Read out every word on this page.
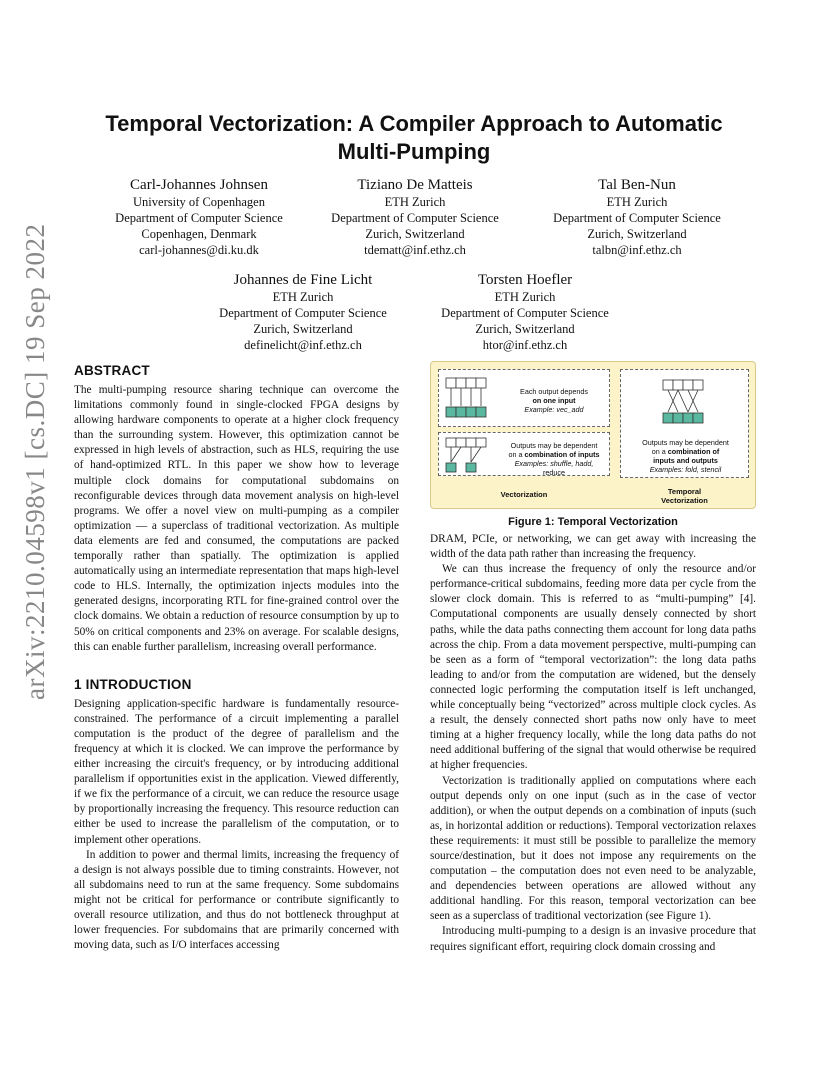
arXiv:2210.04598v1 [cs.DC] 19 Sep 2022
Temporal Vectorization: A Compiler Approach to Automatic
Multi-Pumping
Carl-Johannes Johnsen
University of Copenhagen
Department of Computer Science
Copenhagen, Denmark
carl-johannes@di.ku.dk
Tiziano De Matteis
ETH Zurich
Department of Computer Science
Zurich, Switzerland
tdematt@inf.ethz.ch
Tal Ben-Nun
ETH Zurich
Department of Computer Science
Zurich, Switzerland
talbn@inf.ethz.ch
Johannes de Fine Licht
ETH Zurich
Department of Computer Science
Zurich, Switzerland
definelicht@inf.ethz.ch
Torsten Hoefler
ETH Zurich
Department of Computer Science
Zurich, Switzerland
htor@inf.ethz.ch
ABSTRACT

The multi-pumping resource sharing technique can overcome the limitations commonly found in single-clocked FPGA designs by allowing hardware components to operate at a higher clock frequency than the surrounding system. However, this optimization cannot be expressed in high levels of abstraction, such as HLS, requiring the use of hand-optimized RTL. In this paper we show how to leverage multiple clock domains for computational subdomains on reconfigurable devices through data movement analysis on high-level programs. We offer a novel view on multi-pumping as a compiler optimization — a superclass of traditional vectorization. As multiple data elements are fed and consumed, the computations are packed temporally rather than spatially. The optimization is applied automatically using an intermediate representation that maps high-level code to HLS. Internally, the optimization injects modules into the generated designs, incorporating RTL for fine-grained control over the clock domains. We obtain a reduction of resource consumption by up to 50% on critical components and 23% on average. For scalable designs, this can enable further parallelism, increasing overall performance.

1 INTRODUCTION

Designing application-specific hardware is fundamentally resource-constrained. The performance of a circuit implementing a parallel computation is the product of the degree of parallelism and the frequency at which it is clocked. We can improve the performance by either increasing the circuit's frequency, or by introducing additional parallelism if opportunities exist in the application. Viewed differently, if we fix the performance of a circuit, we can reduce the resource usage by proportionally increasing the frequency. This resource reduction can either be used to increase the parallelism of the computation, or to implement other operations.

In addition to power and thermal limits, increasing the frequency of a design is not always possible due to timing constraints. However, not all subdomains need to run at the same frequency. Some subdomains might not be critical for performance or contribute significantly to overall resource utilization, and thus do not bottleneck throughput at lower frequencies. For subdomains that are primarily concerned with moving data, such as I/O interfaces accessing

Each output depends
on one input
Example: vec_add
Outputs may be dependent
on a combination of inputs
Examples: shuffle, hadd,
reduce
Vectorization
Outputs may be dependent
on a combination of
inputs and outputs
Examples: fold, stencil
Temporal
Vectorization
Figure 1: Temporal Vectorization

DRAM, PCIe, or networking, we can get away with increasing the width of the data path rather than increasing the frequency.

We can thus increase the frequency of only the resource and/or performance-critical subdomains, feeding more data per cycle from the slower clock domain. This is referred to as “multi-pumping” [4]. Computational components are usually densely connected by short paths, while the data paths connecting them account for long data paths across the chip. From a data movement perspective, multi-pumping can be seen as a form of “temporal vectorization”: the long data paths leading to and/or from the computation are widened, but the densely connected logic performing the computation itself is left unchanged, while conceptually being “vectorized” across multiple clock cycles. As a result, the densely connected short paths now only have to meet timing at a higher frequency locally, while the long data paths do not need additional buffering of the signal that would otherwise be required at higher frequencies.

Vectorization is traditionally applied on computations where each output depends only on one input (such as in the case of vector addition), or when the output depends on a combination of inputs (such as, in horizontal addition or reductions). Temporal vectorization relaxes these requirements: it must still be possible to parallelize the memory source/destination, but it does not impose any requirements on the computation – the computation does not even need to be analyzable, and dependencies between operations are allowed without any additional handling. For this reason, temporal vectorization can bee seen as a superclass of traditional vectorization (see Figure 1).

Introducing multi-pumping to a design is an invasive procedure that requires significant effort, requiring clock domain crossing and
